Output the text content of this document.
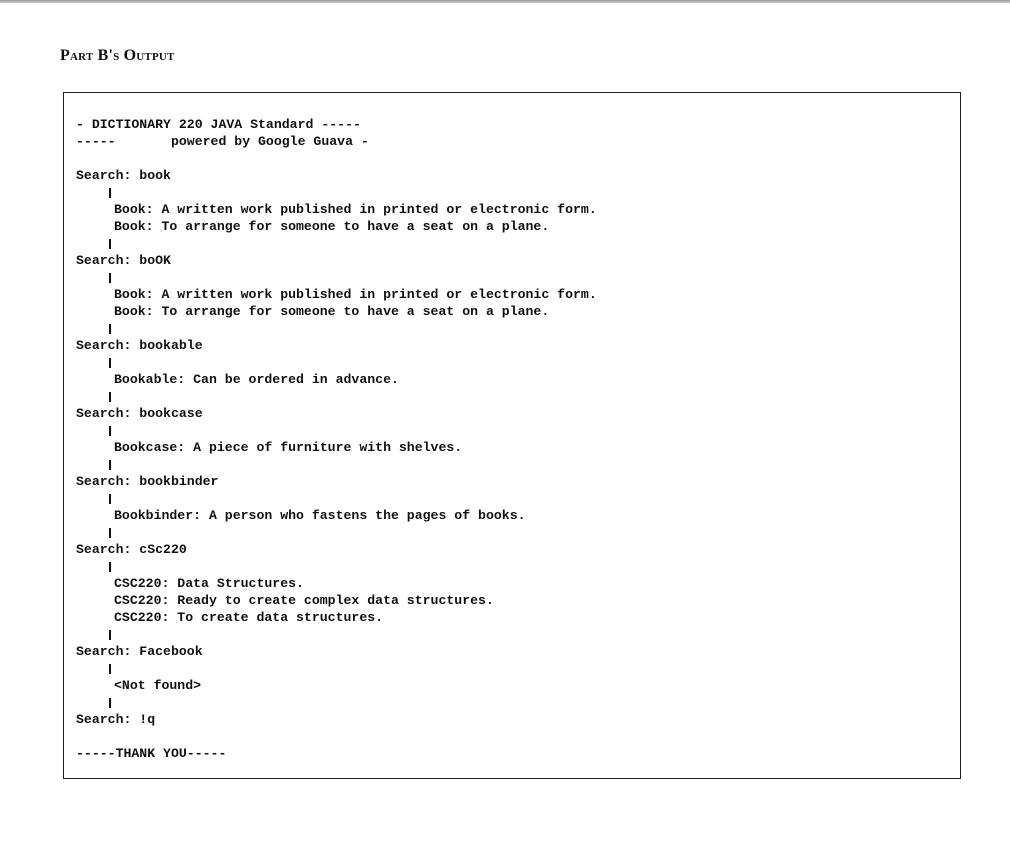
Part B's Output
- DICTIONARY 220 JAVA Standard -----
-----       powered by Google Guava -
Search: book
Book: A written work published in printed or electronic form.
Book: To arrange for someone to have a seat on a plane.
Search: boOK
Book: A written work published in printed or electronic form.
Book: To arrange for someone to have a seat on a plane.
Search: bookable
Bookable: Can be ordered in advance.
Search: bookcase
Bookcase: A piece of furniture with shelves.
Search: bookbinder
Bookbinder: A person who fastens the pages of books.
Search: cSc220
CSC220: Data Structures.
CSC220: Ready to create complex data structures.
CSC220: To create data structures.
Search: Facebook
<Not found>
Search: !q
-----THANK YOU-----
